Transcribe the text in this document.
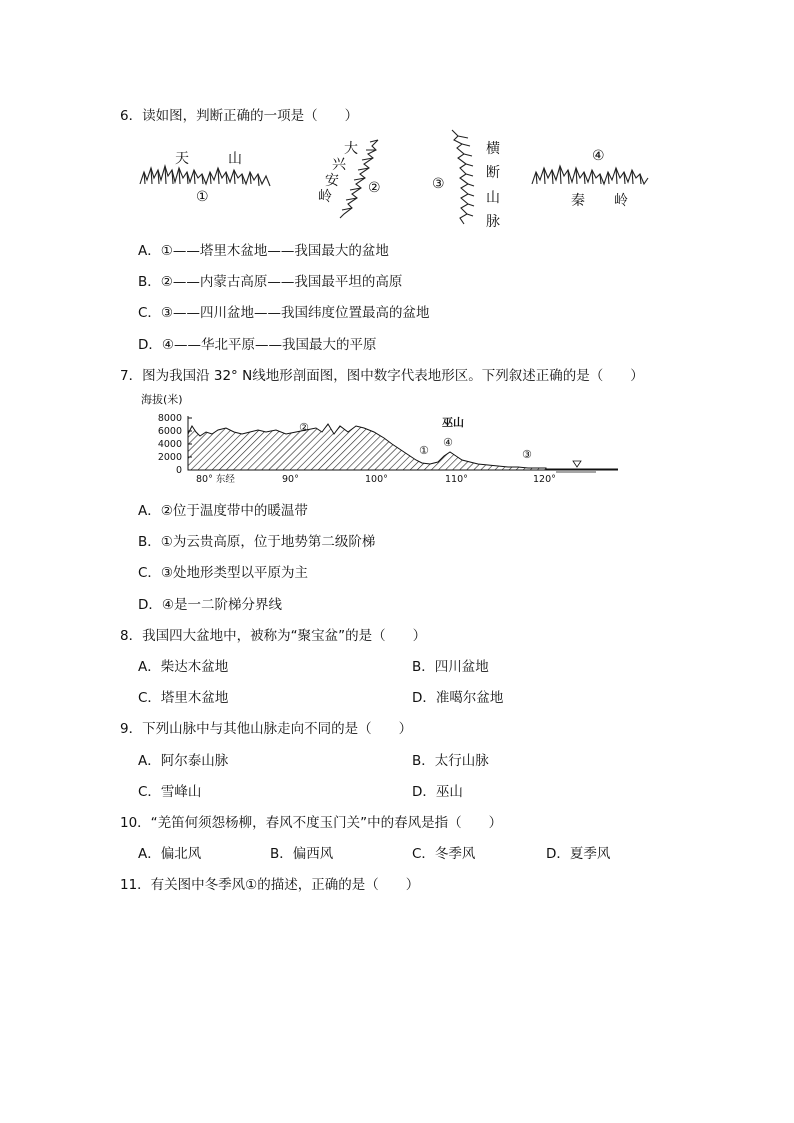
6．读如图，判断正确的一项是（　　）
天	山
①
大
兴
安
岭
②
横
断
山
脉
③
④
秦 岭
A．①——塔里木盆地——我国最大的盆地
B．②——内蒙古高原——我国最平坦的高原
C．③——四川盆地——我国纬度位置最高的盆地
D．④——华北平原——我国最大的平原
7．图为我国沿 32° N线地形剖面图，图中数字代表地形区。下列叙述正确的是（　　）
海拔(米)
8000
6000
4000
2000
0
80° 东经	90°	100°	110°	120°
巫山
②
①
④
③
A．②位于温度带中的暖温带
B．①为云贵高原，位于地势第二级阶梯
C．③处地形类型以平原为主
D．④是一二阶梯分界线
8．我国四大盆地中，被称为“聚宝盆”的是（　　）
A．柴达木盆地	B．四川盆地
C．塔里木盆地	D．准噶尔盆地
9．下列山脉中与其他山脉走向不同的是（　　）
A．阿尔泰山脉	B．太行山脉
C．雪峰山	D．巫山
10．“羌笛何须怨杨柳，春风不度玉门关”中的春风是指（　　）
A．偏北风	B．偏西风	C．冬季风	D．夏季风
11．有关图中冬季风①的描述，正确的是（　　）
